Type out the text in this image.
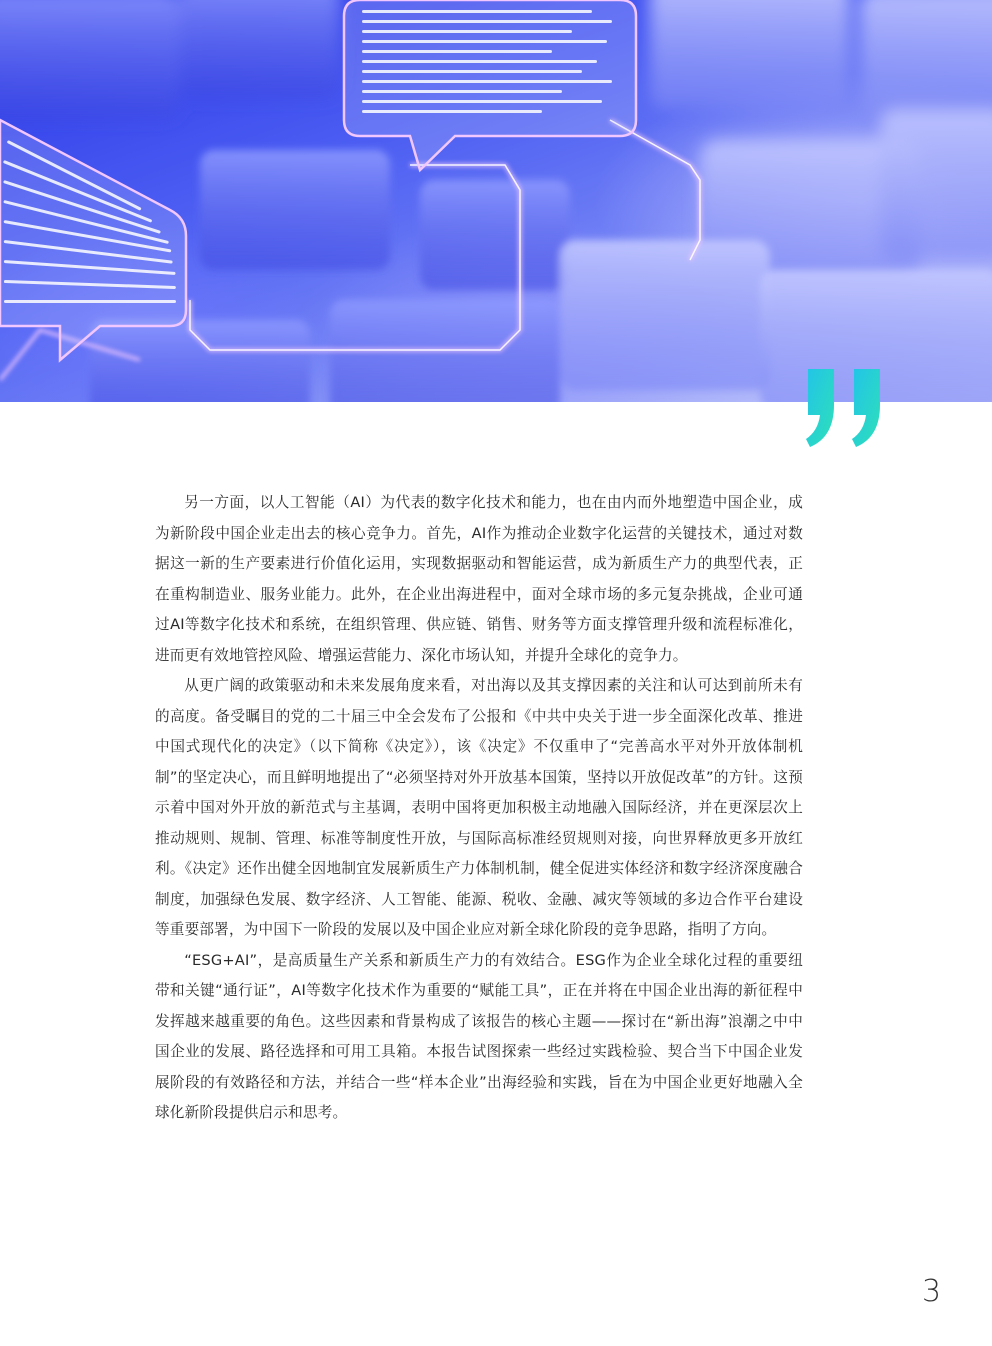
另一方面，以人工智能（AI）为代表的数字化技术和能力，也在由内而外地塑造中国企业，成为新阶段中国企业走出去的核心竞争力。首先，AI作为推动企业数字化运营的关键技术，通过对数据这一新的生产要素进行价值化运用，实现数据驱动和智能运营，成为新质生产力的典型代表，正在重构制造业、服务业能力。此外，在企业出海进程中，面对全球市场的多元复杂挑战，企业可通过AI等数字化技术和系统，在组织管理、供应链、销售、财务等方面支撑管理升级和流程标准化，进而更有效地管控风险、增强运营能力、深化市场认知，并提升全球化的竞争力。

从更广阔的政策驱动和未来发展角度来看，对出海以及其支撑因素的关注和认可达到前所未有的高度。备受瞩目的党的二十届三中全会发布了公报和《中共中央关于进一步全面深化改革、推进中国式现代化的决定》（以下简称《决定》），该《决定》不仅重申了“完善高水平对外开放体制机制”的坚定决心，而且鲜明地提出了“必须坚持对外开放基本国策，坚持以开放促改革”的方针。这预示着中国对外开放的新范式与主基调，表明中国将更加积极主动地融入国际经济，并在更深层次上推动规则、规制、管理、标准等制度性开放，与国际高标准经贸规则对接，向世界释放更多开放红利。《决定》还作出健全因地制宜发展新质生产力体制机制，健全促进实体经济和数字经济深度融合制度，加强绿色发展、数字经济、人工智能、能源、税收、金融、减灾等领域的多边合作平台建设等重要部署，为中国下一阶段的发展以及中国企业应对新全球化阶段的竞争思路，指明了方向。

“ESG+AI”，是高质量生产关系和新质生产力的有效结合。ESG作为企业全球化过程的重要纽带和关键“通行证”，AI等数字化技术作为重要的“赋能工具”，正在并将在中国企业出海的新征程中发挥越来越重要的角色。这些因素和背景构成了该报告的核心主题——探讨在“新出海”浪潮之中中国企业的发展、路径选择和可用工具箱。本报告试图探索一些经过实践检验、契合当下中国企业发展阶段的有效路径和方法，并结合一些“样本企业”出海经验和实践，旨在为中国企业更好地融入全球化新阶段提供启示和思考。

3
